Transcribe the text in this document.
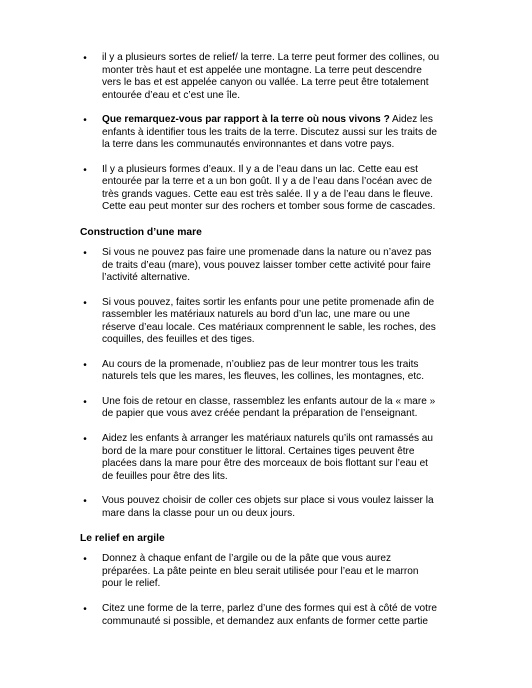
•	il y a plusieurs sortes de relief/ la terre. La terre peut former des collines, ou
monter très haut et est appelée une montagne. La terre peut descendre
vers le bas et est appelée canyon ou vallée. La terre peut être totalement
entourée d’eau et c’est une île.
•	Que remarquez-vous par rapport à la terre où nous vivons ? Aidez les
enfants à identifier tous les traits de la terre. Discutez aussi sur les traits de
la terre dans les communautés environnantes et dans votre pays.
•	Il y a plusieurs formes d’eaux. Il y a de l’eau dans un lac. Cette eau est
entourée par la terre et a un bon goût. Il y a de l’eau dans l’océan avec de
très grands vagues. Cette eau est très salée. Il y a de l’eau dans le fleuve.
Cette eau peut monter sur des rochers et tomber sous forme de cascades.
Construction d’une mare
•	Si vous ne pouvez pas faire une promenade dans la nature ou n’avez pas
de traits d’eau (mare), vous pouvez laisser tomber cette activité pour faire
l’activité alternative.
•	Si vous pouvez, faites sortir les enfants pour une petite promenade afin de
rassembler les matériaux naturels au bord d’un lac, une mare ou une
réserve d’eau locale. Ces matériaux comprennent le sable, les roches, des
coquilles, des feuilles et des tiges.
•	Au cours de la promenade, n’oubliez pas de leur montrer tous les traits
naturels tels que les mares, les fleuves, les collines, les montagnes, etc.
•	Une fois de retour en classe, rassemblez les enfants autour de la « mare »
de papier que vous avez créée pendant la préparation de l’enseignant.
•	Aidez les enfants à arranger les matériaux naturels qu’ils ont ramassés au
bord de la mare pour constituer le littoral. Certaines tiges peuvent être
placées dans la mare pour être des morceaux de bois flottant sur l’eau et
de feuilles pour être des lits.
•	Vous pouvez choisir de coller ces objets sur place si vous voulez laisser la
mare dans la classe pour un ou deux jours.
Le relief en argile
•	Donnez à chaque enfant de l’argile ou de la pâte que vous aurez
préparées. La pâte peinte en bleu serait utilisée pour l’eau et le marron
pour le relief.
•	Citez une forme de la terre, parlez d’une des formes qui est à côté de votre
communauté si possible, et demandez aux enfants de former cette partie
